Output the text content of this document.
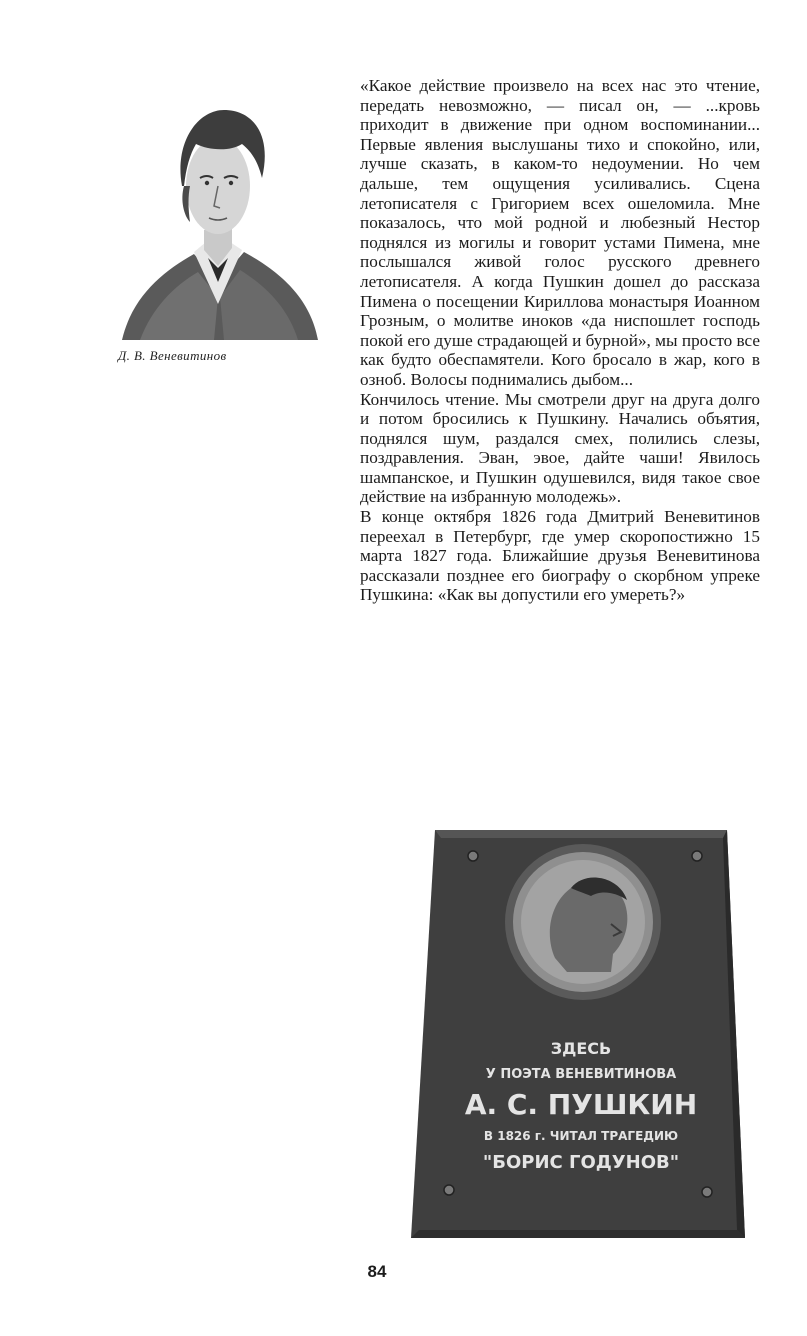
Д. В. Веневитинов

«Какое действие произвело на всех нас это чтение, передать невозможно, — писал он, — ...кровь приходит в движение при одном воспоминании... Первые явления выслушаны тихо и спокойно, или, лучше сказать, в каком-то недоумении. Но чем дальше, тем ощущения усиливались. Сцена летописателя с Григорием всех ошеломила. Мне показалось, что мой родной и любезный Нестор поднялся из могилы и говорит устами Пимена, мне послышался живой голос русского древнего летописателя. А когда Пушкин дошел до рассказа Пимена о посещении Кириллова монастыря Иоанном Грозным, о молитве иноков «да ниспошлет господь покой его душе страдающей и бурной», мы просто все как будто обеспамятели. Кого бросало в жар, кого в озноб. Волосы поднимались дыбом...

Кончилось чтение. Мы смотрели друг на друга долго и потом бросились к Пушкину. Начались объятия, поднялся шум, раздался смех, полились слезы, поздравления. Эван, эвое, дайте чаши! Явилось шампанское, и Пушкин одушевился, видя такое свое действие на избранную молодежь».

В конце октября 1826 года Дмитрий Веневитинов переехал в Петербург, где умер скоропостижно 15 марта 1827 года. Ближайшие друзья Веневитинова рассказали позднее его биографу о скорбном упреке Пушкина: «Как вы допустили его умереть?»

ЗДЕСЬ
У ПОЭТА ВЕНЕВИТИНОВА
А. С. ПУШКИН
В 1826 г. ЧИТАЛ ТРАГЕДИЮ
"БОРИС ГОДУНОВ"
84
